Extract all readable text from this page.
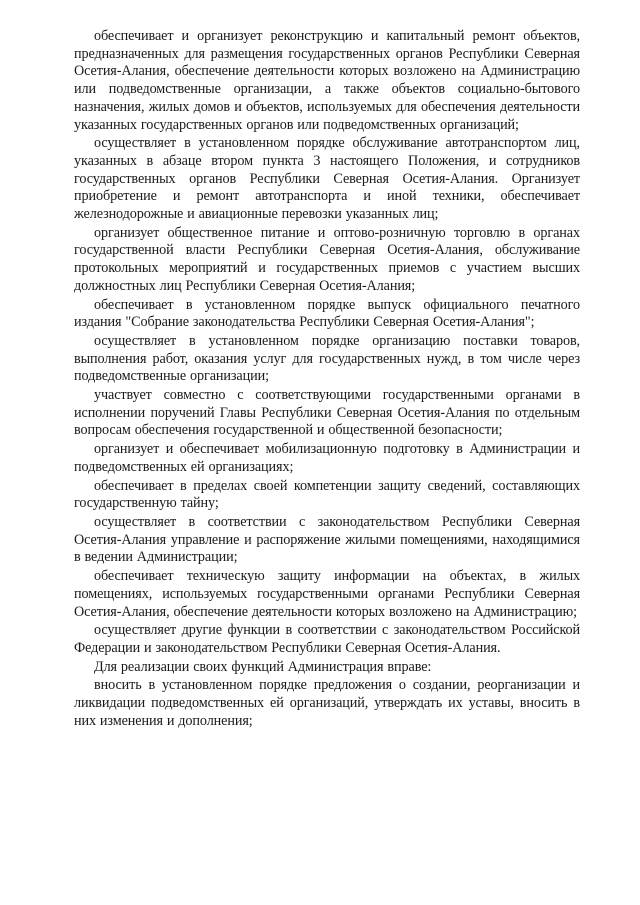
обеспечивает и организует реконструкцию и капитальный ремонт объектов, предназначенных для размещения государственных органов Республики Северная Осетия-Алания, обеспечение деятельности которых возложено на Администрацию или подведомственные организации, а также объектов социально-бытового назначения, жилых домов и объектов, используемых для обеспечения деятельности указанных государственных органов или подведомственных организаций;

осуществляет в установленном порядке обслуживание автотранспортом лиц, указанных в абзаце втором пункта 3 настоящего Положения, и сотрудников государственных органов Республики Северная Осетия-Алания. Организует приобретение и ремонт автотранспорта и иной техники, обеспечивает железнодорожные и авиационные перевозки указанных лиц;

организует общественное питание и оптово-розничную торговлю в органах государственной власти Республики Северная Осетия-Алания, обслуживание протокольных мероприятий и государственных приемов с участием высших должностных лиц Республики Северная Осетия-Алания;

обеспечивает в установленном порядке выпуск официального печатного издания "Собрание законодательства Республики Северная Осетия-Алания";

осуществляет в установленном порядке организацию поставки товаров, выполнения работ, оказания услуг для государственных нужд, в том числе через подведомственные организации;

участвует совместно с соответствующими государственными органами в исполнении поручений Главы Республики Северная Осетия-Алания по отдельным вопросам обеспечения государственной и общественной безопасности;

организует и обеспечивает мобилизационную подготовку в Администрации и подведомственных ей организациях;

обеспечивает в пределах своей компетенции защиту сведений, составляющих государственную тайну;

осуществляет в соответствии с законодательством Республики Северная Осетия-Алания управление и распоряжение жилыми помещениями, находящимися в ведении Администрации;

обеспечивает техническую защиту информации на объектах, в жилых помещениях, используемых государственными органами Республики Северная Осетия-Алания, обеспечение деятельности которых возложено на Администрацию;

осуществляет другие функции в соответствии с законодательством Российской Федерации и законодательством Республики Северная Осетия-Алания.

Для реализации своих функций Администрация вправе:

вносить в установленном порядке предложения о создании, реорганизации и ликвидации подведомственных ей организаций, утверждать их уставы, вносить в них изменения и дополнения;
